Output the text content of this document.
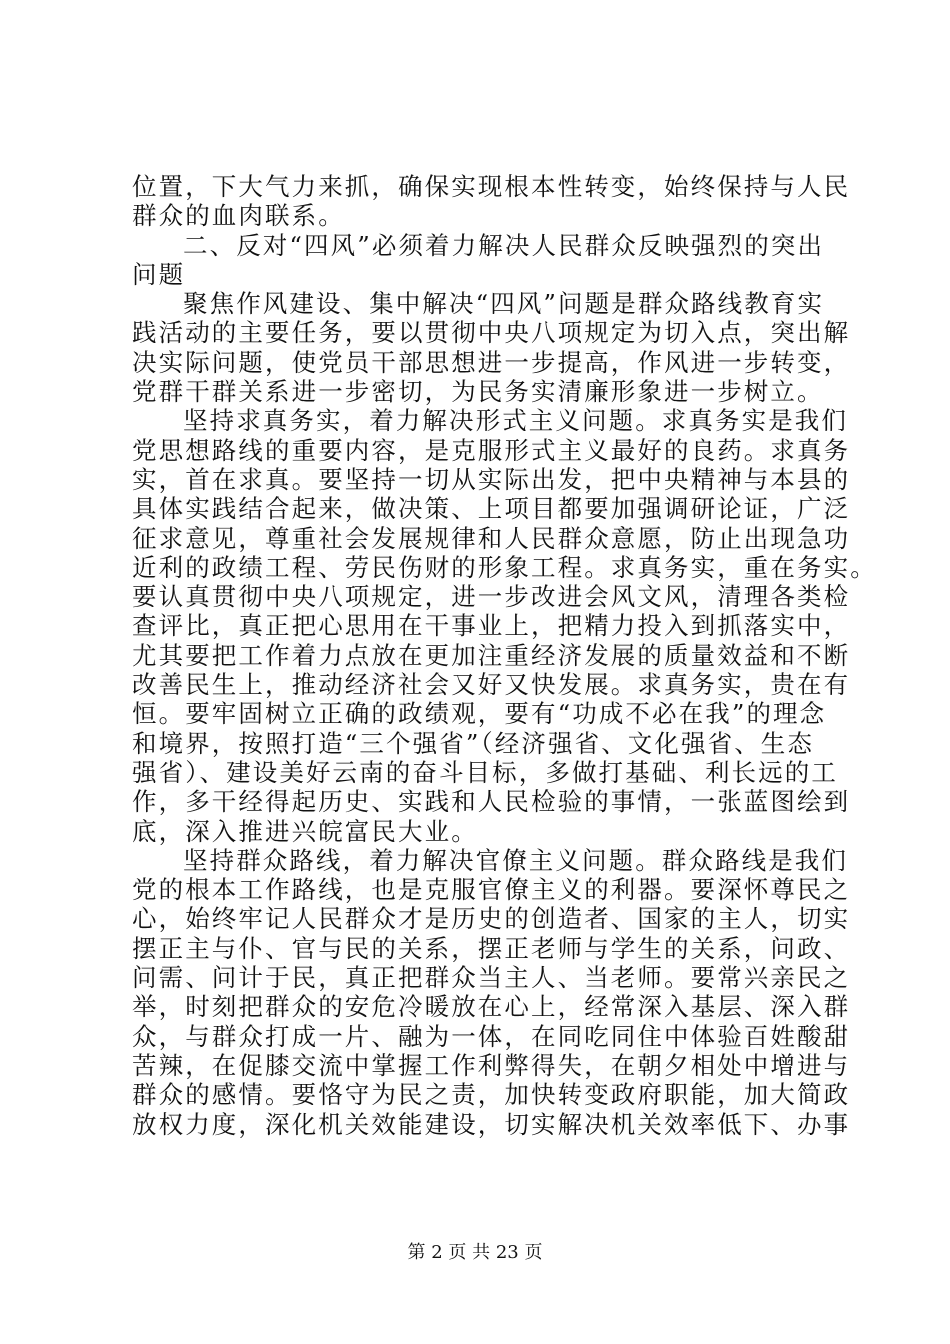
位置，下大气力来抓，确保实现根本性转变，始终保持与人民
群众的血肉联系。
二、反对“四风”必须着力解决人民群众反映强烈的突出
问题
聚焦作风建设、集中解决“四风”问题是群众路线教育实
践活动的主要任务，要以贯彻中央八项规定为切入点，突出解
决实际问题，使党员干部思想进一步提高，作风进一步转变，
党群干群关系进一步密切，为民务实清廉形象进一步树立。
坚持求真务实，着力解决形式主义问题。求真务实是我们
党思想路线的重要内容，是克服形式主义最好的良药。求真务
实，首在求真。要坚持一切从实际出发，把中央精神与本县的
具体实践结合起来，做决策、上项目都要加强调研论证，广泛
征求意见，尊重社会发展规律和人民群众意愿，防止出现急功
近利的政绩工程、劳民伤财的形象工程。求真务实，重在务实。
要认真贯彻中央八项规定，进一步改进会风文风，清理各类检
查评比，真正把心思用在干事业上，把精力投入到抓落实中，
尤其要把工作着力点放在更加注重经济发展的质量效益和不断
改善民生上，推动经济社会又好又快发展。求真务实，贵在有
恒。要牢固树立正确的政绩观，要有“功成不必在我”的理念
和境界，按照打造“三个强省”（经济强省、文化强省、生态
强省）、建设美好云南的奋斗目标，多做打基础、利长远的工
作，多干经得起历史、实践和人民检验的事情，一张蓝图绘到
底，深入推进兴皖富民大业。
坚持群众路线，着力解决官僚主义问题。群众路线是我们
党的根本工作路线，也是克服官僚主义的利器。要深怀尊民之
心，始终牢记人民群众才是历史的创造者、国家的主人，切实
摆正主与仆、官与民的关系，摆正老师与学生的关系，问政、
问需、问计于民，真正把群众当主人、当老师。要常兴亲民之
举，时刻把群众的安危冷暖放在心上，经常深入基层、深入群
众，与群众打成一片、融为一体，在同吃同住中体验百姓酸甜
苦辣，在促膝交流中掌握工作利弊得失，在朝夕相处中增进与
群众的感情。要恪守为民之责，加快转变政府职能，加大简政
放权力度，深化机关效能建设，切实解决机关效率低下、办事
第 2 页 共 23 页
